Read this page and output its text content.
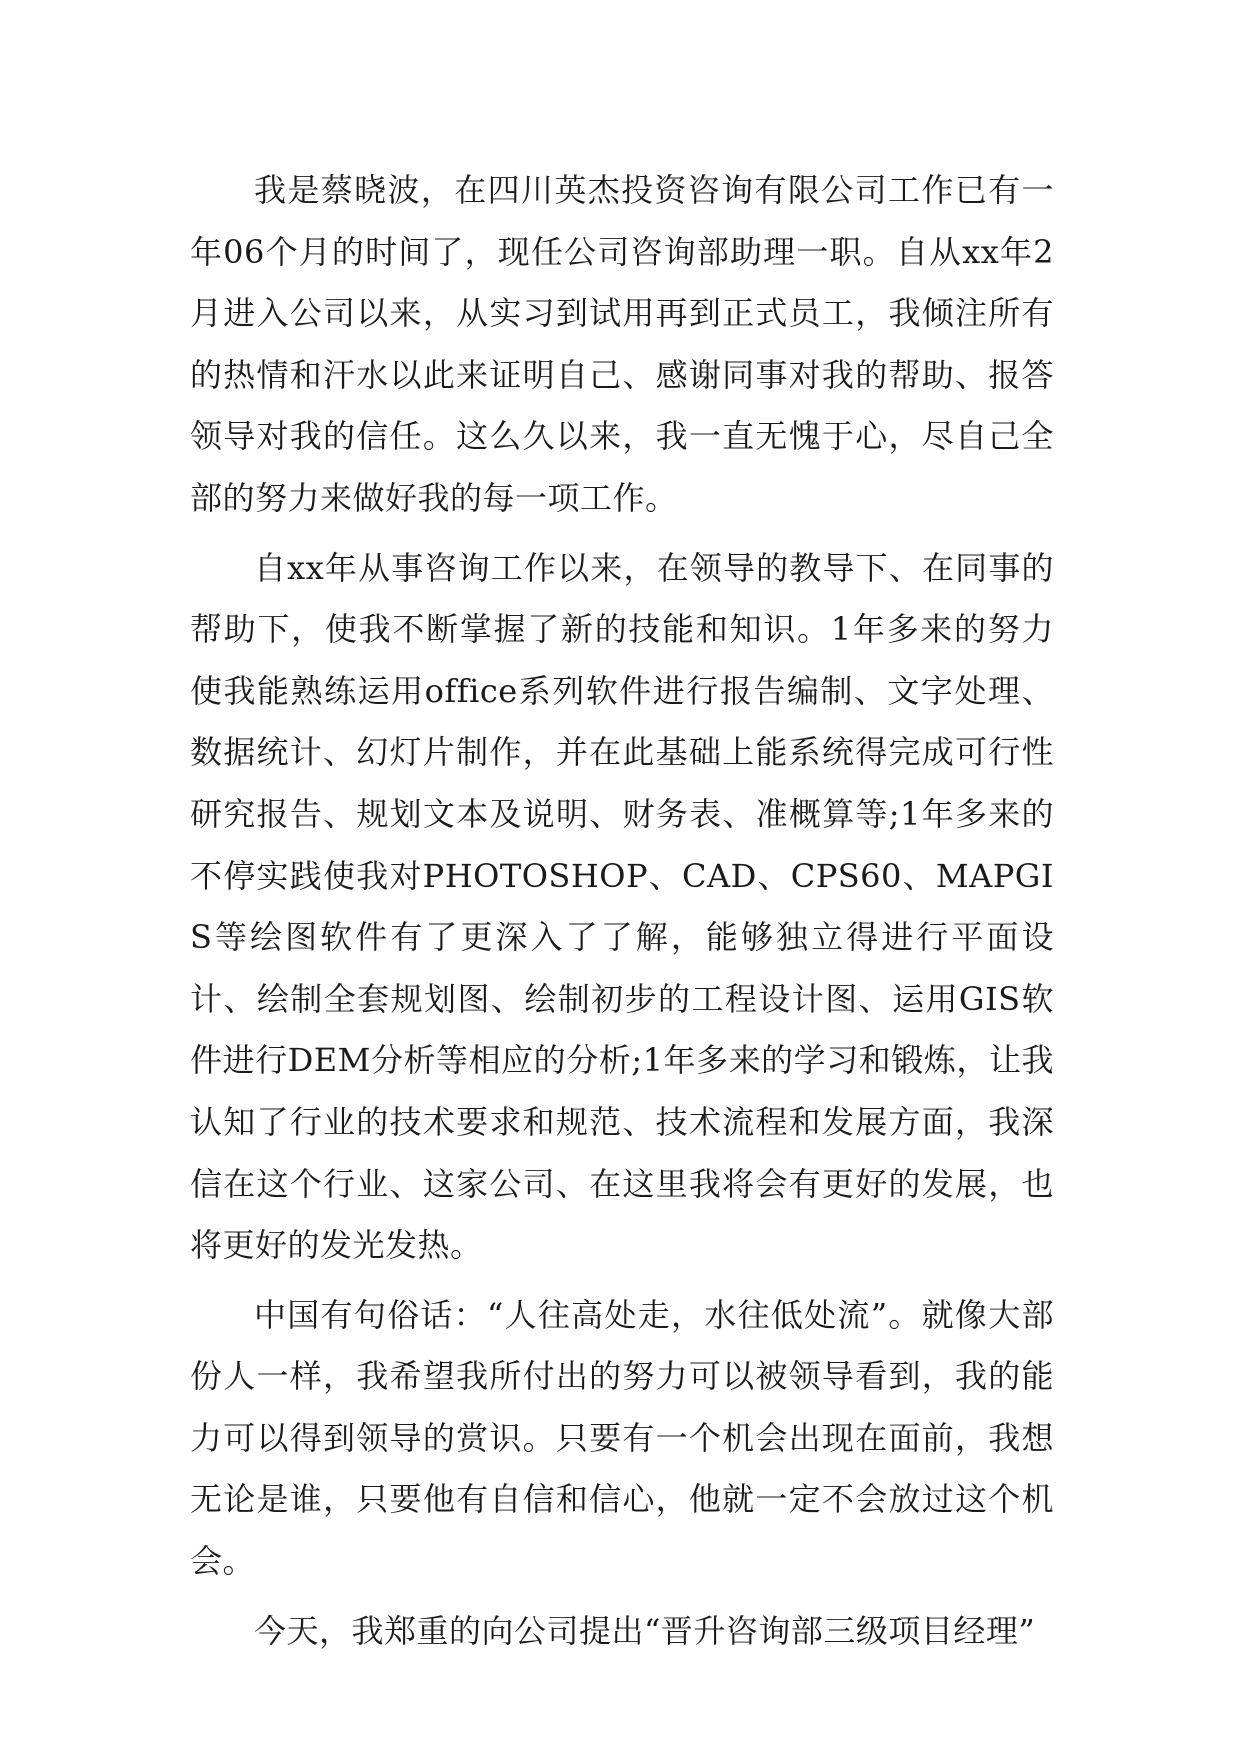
我是蔡晓波，在四川英杰投资咨询有限公司工作已有一年06个月的时间了，现任公司咨询部助理一职。自从xx年2月进入公司以来，从实习到试用再到正式员工，我倾注所有的热情和汗水以此来证明自己、感谢同事对我的帮助、报答领导对我的信任。这么久以来，我一直无愧于心，尽自己全部的努力来做好我的每一项工作。

自xx年从事咨询工作以来，在领导的教导下、在同事的帮助下，使我不断掌握了新的技能和知识。1年多来的努力使我能熟练运用office系列软件进行报告编制、文字处理、数据统计、幻灯片制作，并在此基础上能系统得完成可行性研究报告、规划文本及说明、财务表、准概算等;1年多来的不停实践使我对PHOTOSHOP、CAD、CPS60、MAPGIS等绘图软件有了更深入了了解，能够独立得进行平面设计、绘制全套规划图、绘制初步的工程设计图、运用GIS软件进行DEM分析等相应的分析;1年多来的学习和锻炼，让我认知了行业的技术要求和规范、技术流程和发展方面，我深信在这个行业、这家公司、在这里我将会有更好的发展，也将更好的发光发热。

中国有句俗话：“人往高处走，水往低处流”。就像大部份人一样，我希望我所付出的努力可以被领导看到，我的能力可以得到领导的赏识。只要有一个机会出现在面前，我想无论是谁，只要他有自信和信心，他就一定不会放过这个机会。

今天，我郑重的向公司提出“晋升咨询部三级项目经理”
